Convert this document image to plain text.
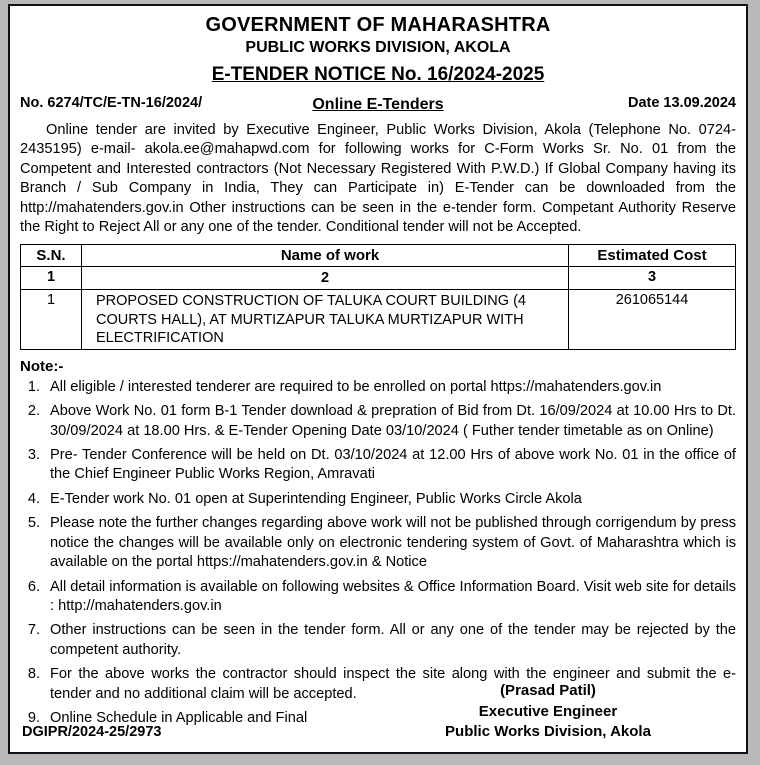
GOVERNMENT OF MAHARASHTRA
PUBLIC WORKS DIVISION, AKOLA
E-TENDER NOTICE No. 16/2024-2025
No. 6274/TC/E-TN-16/2024/	Online E-Tenders	Date 13.09.2024
Online tender are invited by Executive Engineer, Public Works Division, Akola (Telephone No. 0724-2435195) e-mail- akola.ee@mahapwd.com for following works for C-Form Works Sr. No. 01 from the Competent and Interested contractors (Not Necessary Registered With P.W.D.) If Global Company having its Branch / Sub Company in India, They can Participate in) E-Tender can be downloaded from the http://mahatenders.gov.in Other instructions can be seen in the e-tender form. Competant Authority Reserve the Right to Reject All or any one of the tender. Conditional tender will not be Accepted.
S.N.	Name of work	Estimated Cost
1	2	3
1	PROPOSED CONSTRUCTION OF TALUKA COURT BUILDING (4 COURTS HALL), AT MURTIZAPUR TALUKA MURTIZAPUR WITH ELECTRIFICATION	261065144
Note:-
1. All eligible / interested tenderer are required to be enrolled on portal https://mahatenders.gov.in
2. Above Work No. 01 form B-1 Tender download & prepration of Bid from Dt. 16/09/2024 at 10.00 Hrs to Dt. 30/09/2024 at 18.00 Hrs. & E-Tender Opening Date 03/10/2024 ( Futher tender timetable as on Online)
3. Pre- Tender Conference will be held on Dt. 03/10/2024 at 12.00 Hrs of above work No. 01 in the office of the Chief Engineer Public Works Region, Amravati
4. E-Tender work No. 01 open at Superintending Engineer, Public Works Circle Akola
5. Please note the further changes regarding above work will not be published through corrigendum by press notice the changes will be available only on electronic tendering system of Govt. of Maharashtra which is available on the portal https://mahatenders.gov.in & Notice
6. All detail information is available on following websites & Office Information Board. Visit web site for details : http://mahatenders.gov.in
7. Other instructions can be seen in the tender form. All or any one of the tender may be rejected by the competent authority.
8. For the above works the contractor should inspect the site along with the engineer and submit the e-tender and no additional claim will be accepted.
9. Online Schedule in Applicable and Final
(Prasad Patil)
Executive Engineer
Public Works Division, Akola
DGIPR/2024-25/2973
